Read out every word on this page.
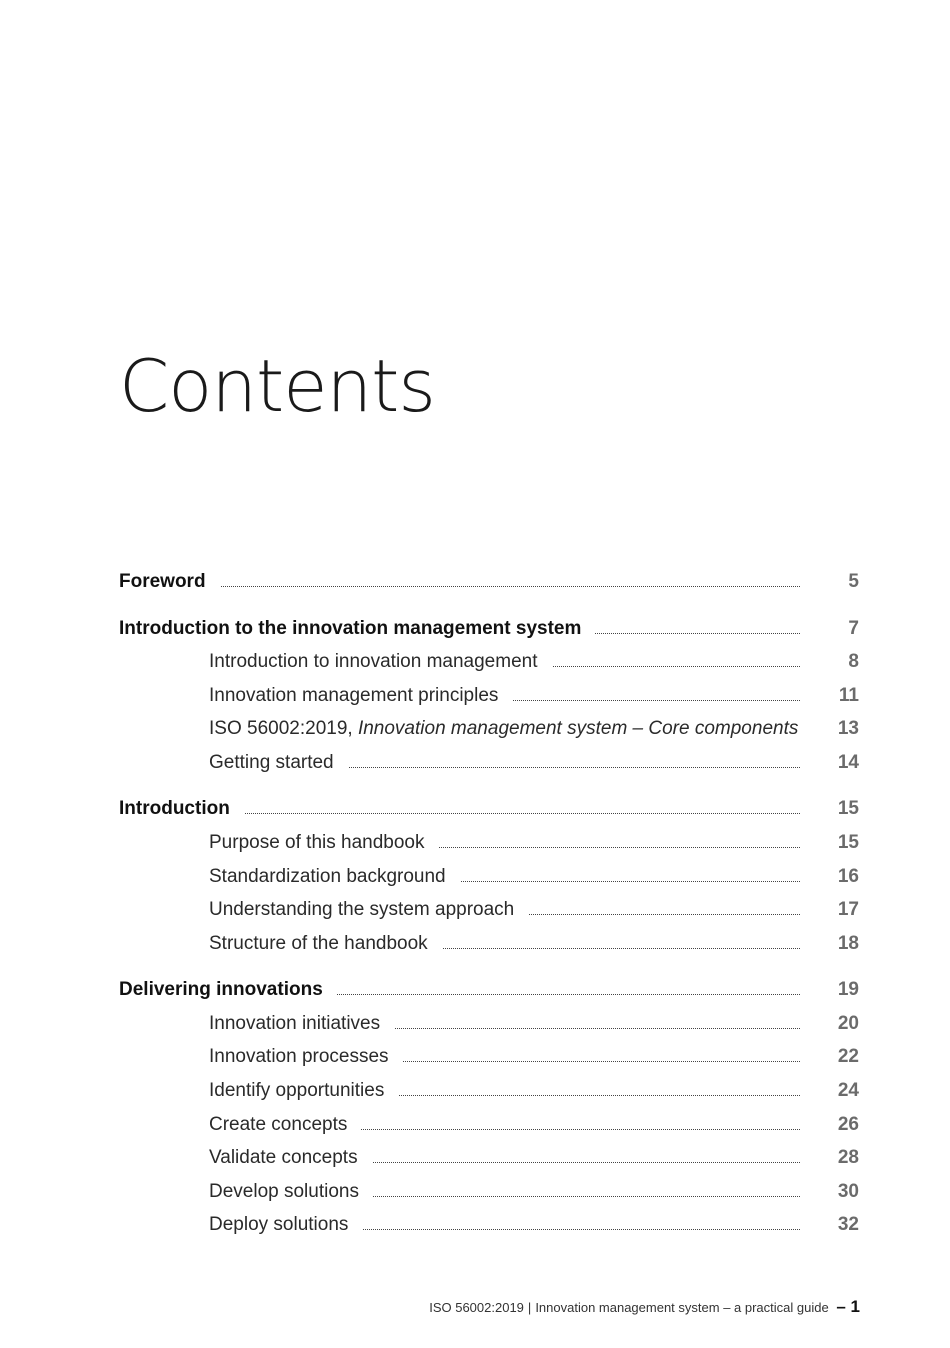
Contents
Foreword	5
Introduction to the innovation management system	7
Introduction to innovation management	8
Innovation management principles	11
ISO 56002:2019, Innovation management system – Core components 13
Getting started	14
Introduction	15
Purpose of this handbook	15
Standardization background	16
Understanding the system approach	17
Structure of the handbook	18
Delivering innovations	19
Innovation initiatives	20
Innovation processes	22
Identify opportunities	24
Create concepts	26
Validate concepts	28
Develop solutions	30
Deploy solutions	32
ISO 56002:2019 | Innovation management system – a practical guide – 1
